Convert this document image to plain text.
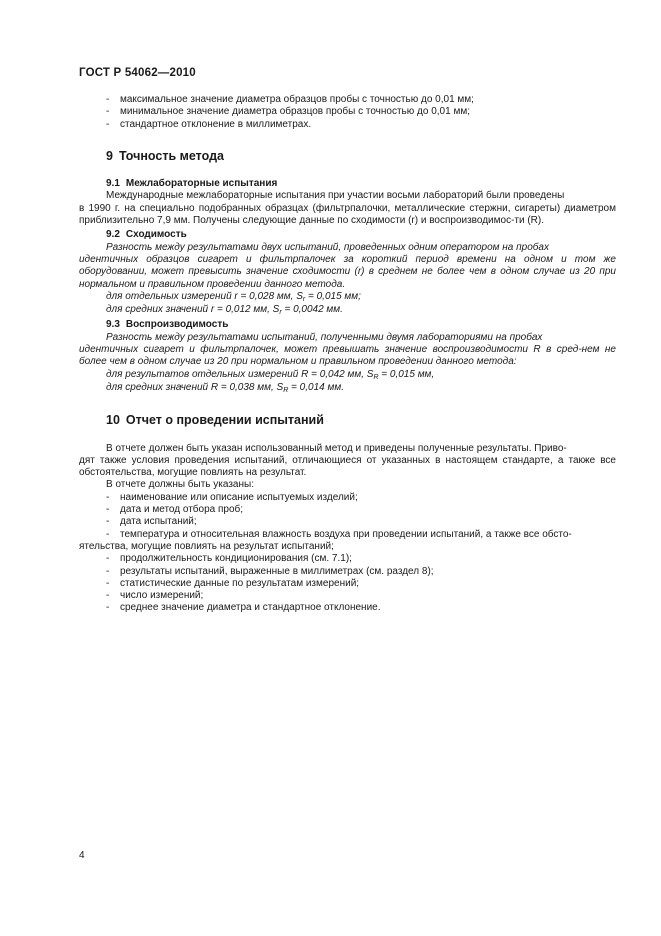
ГОСТ Р 54062—2010
-	максимальное значение диаметра образцов пробы с точностью до 0,01 мм;
-	минимальное значение диаметра образцов пробы с точностью до 0,01 мм;
-	стандартное отклонение в миллиметрах.
9 Точность метода
9.1 Межлабораторные испытания
Международные межлабораторные испытания при участии восьми лабораторий были проведены
в 1990 г. на специально подобранных образцах (фильтрпалочки, металлические стержни, сигареты) диаметром приблизительно 7,9 мм. Получены следующие данные по сходимости (r) и воспроизводимос-ти (R).
9.2 Сходимость
Разность между результатами двух испытаний, проведенных одним оператором на пробах
идентичных образцов сигарет и фильтрпалочек за короткий период времени на одном и том же оборудовании, может превысить значение сходимости (r) в среднем не более чем в одном случае из 20 при нормальном и правильном проведении данного метода.
для отдельных измерений r = 0,028 мм, $S_r = 0,015$ мм;
для средних значений r = 0,012 мм, $S_r = 0,0042$ мм.
9.3 Воспроизводимость
Разность между результатами испытаний, полученными двумя лабораториями на пробах
идентичных сигарет и фильтрпалочек, может превышать значение воспроизводимости R в сред-нем не более чем в одном случае из 20 при нормальном и правильном проведении данного метода:
для результатов отдельных измерений R = 0,042 мм, $S_R = 0,015$ мм,
для средних значений R = 0,038 мм, $S_R = 0,014$ мм.
10 Отчет о проведении испытаний
В отчете должен быть указан использованный метод и приведены полученные результаты. Приво-
дят также условия проведения испытаний, отличающиеся от указанных в настоящем стандарте, а также все обстоятельства, могущие повлиять на результат.
В отчете должны быть указаны:
-	наименование или описание испытуемых изделий;
-	дата и метод отбора проб;
-	дата испытаний;
-	температура и относительная влажность воздуха при проведении испытаний, а также все обсто-
ятельства, могущие повлиять на результат испытаний;
-	продолжительность кондиционирования (см. 7.1);
-	результаты испытаний, выраженные в миллиметрах (см. раздел 8);
-	статистические данные по результатам измерений;
-	число измерений;
-	среднее значение диаметра и стандартное отклонение.
4
